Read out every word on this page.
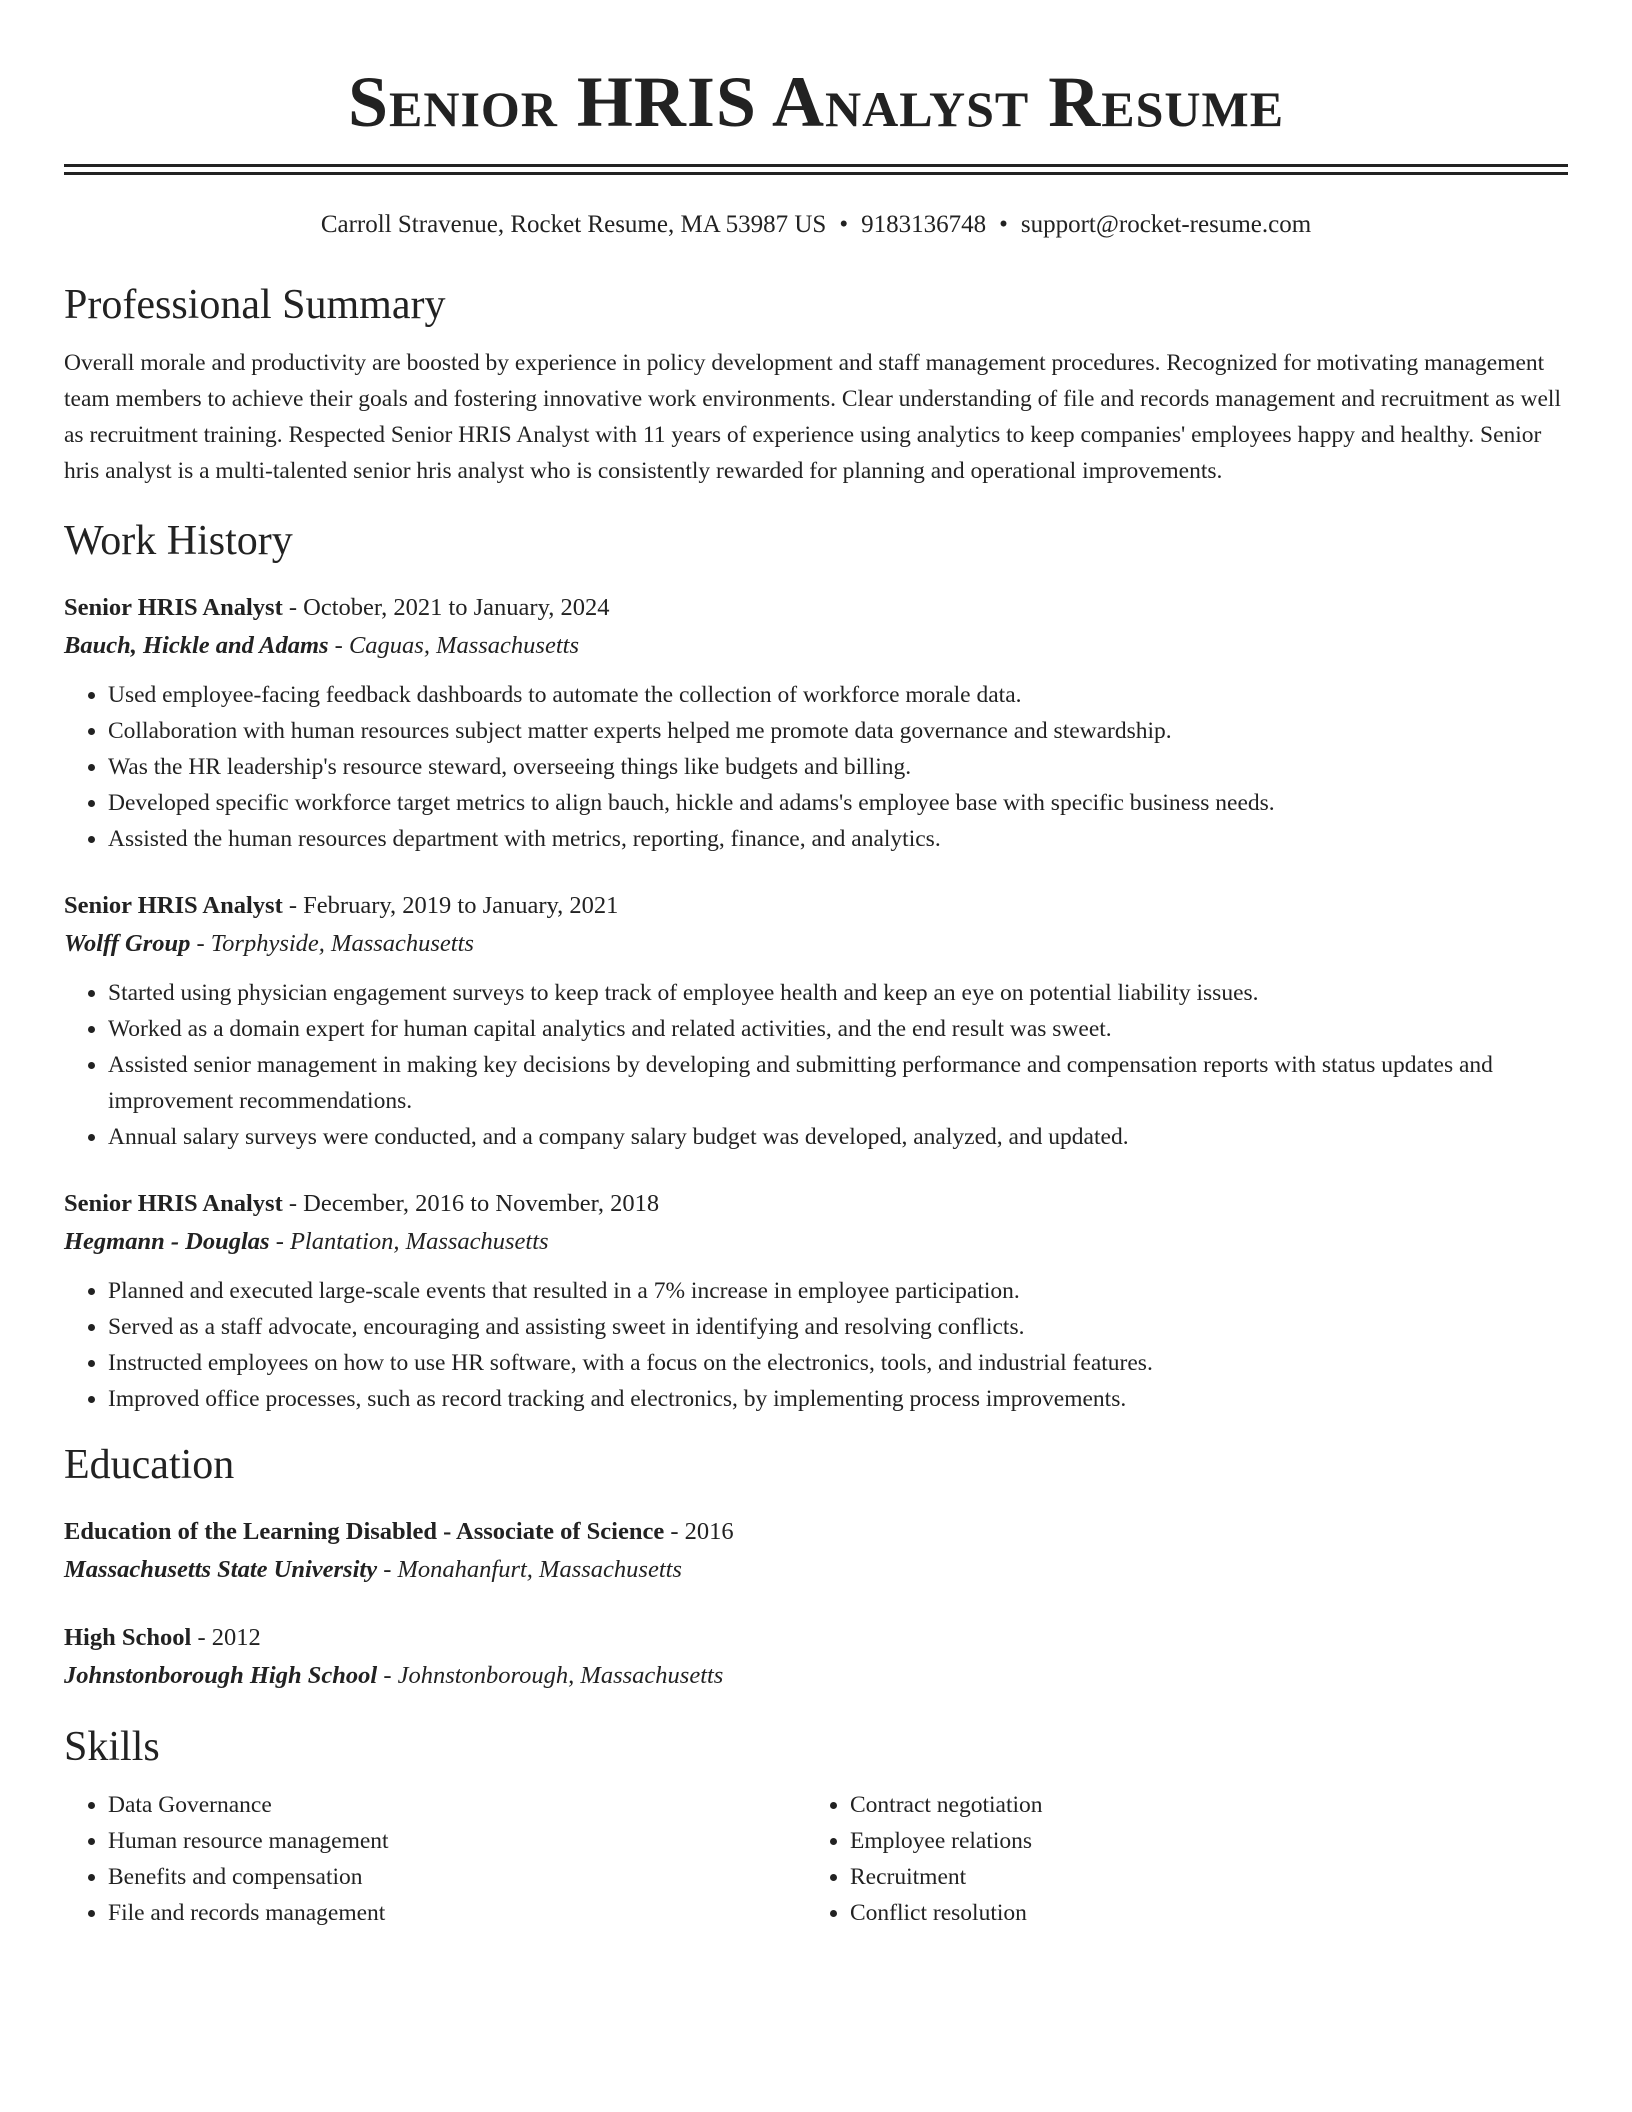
Senior HRIS Analyst Resume
Carroll Stravenue, Rocket Resume, MA 53987 US • 9183136748 • support@rocket-resume.com
Professional Summary

Overall morale and productivity are boosted by experience in policy development and staff management procedures. Recognized for motivating management team members to achieve their goals and fostering innovative work environments. Clear understanding of file and records management and recruitment as well as recruitment training. Respected Senior HRIS Analyst with 11 years of experience using analytics to keep companies' employees happy and healthy. Senior hris analyst is a multi-talented senior hris analyst who is consistently rewarded for planning and operational improvements.

Work History
Senior HRIS Analyst - October, 2021 to January, 2024
Bauch, Hickle and Adams - Caguas, Massachusetts
• Used employee-facing feedback dashboards to automate the collection of workforce morale data.
• Collaboration with human resources subject matter experts helped me promote data governance and stewardship.
• Was the HR leadership's resource steward, overseeing things like budgets and billing.
• Developed specific workforce target metrics to align bauch, hickle and adams's employee base with specific business needs.
• Assisted the human resources department with metrics, reporting, finance, and analytics.
Senior HRIS Analyst - February, 2019 to January, 2021
Wolff Group - Torphyside, Massachusetts
• Started using physician engagement surveys to keep track of employee health and keep an eye on potential liability issues.
• Worked as a domain expert for human capital analytics and related activities, and the end result was sweet.
• Assisted senior management in making key decisions by developing and submitting performance and compensation reports with status updates and improvement recommendations.
• Annual salary surveys were conducted, and a company salary budget was developed, analyzed, and updated.
Senior HRIS Analyst - December, 2016 to November, 2018
Hegmann - Douglas - Plantation, Massachusetts
• Planned and executed large-scale events that resulted in a 7% increase in employee participation.
• Served as a staff advocate, encouraging and assisting sweet in identifying and resolving conflicts.
• Instructed employees on how to use HR software, with a focus on the electronics, tools, and industrial features.
• Improved office processes, such as record tracking and electronics, by implementing process improvements.
Education
Education of the Learning Disabled - Associate of Science - 2016
Massachusetts State University - Monahanfurt, Massachusetts
High School - 2012
Johnstonborough High School - Johnstonborough, Massachusetts
Skills
• Data Governance
• Human resource management
• Benefits and compensation
• File and records management
• Contract negotiation
• Employee relations
• Recruitment
• Conflict resolution
